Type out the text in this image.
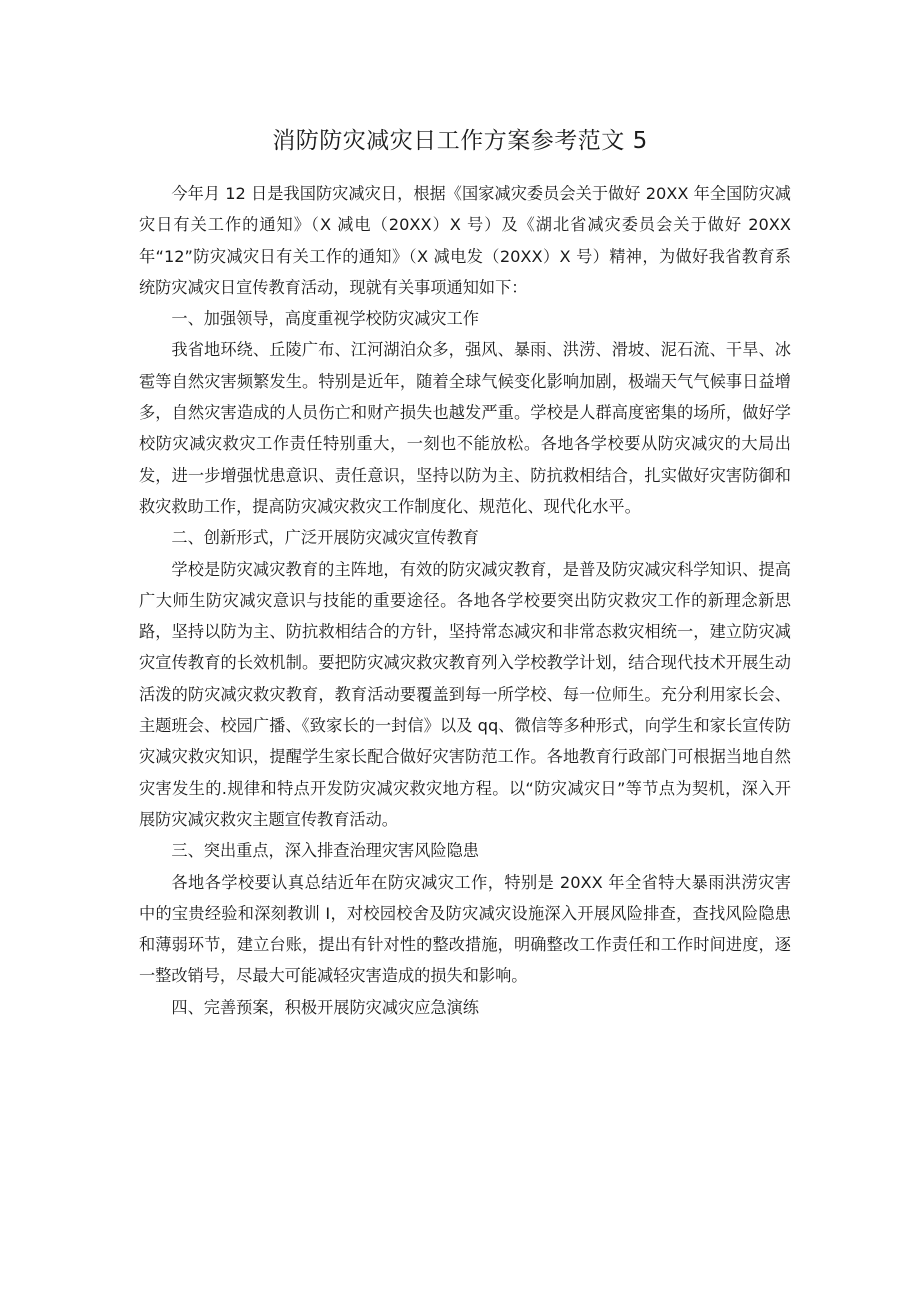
消防防灾减灾日工作方案参考范文 5

今年月 12 日是我国防灾减灾日，根据《国家减灾委员会关于做好 20XX 年全国防灾减灾日有关工作的通知》（X 减电（20XX）X 号）及《湖北省减灾委员会关于做好 20XX 年“12”防灾减灾日有关工作的通知》（X 减电发（20XX）X 号）精神，为做好我省教育系统防灾减灾日宣传教育活动，现就有关事项通知如下：

一、加强领导，高度重视学校防灾减灾工作

我省地环绕、丘陵广布、江河湖泊众多，强风、暴雨、洪涝、滑坡、泥石流、干旱、冰雹等自然灾害频繁发生。特别是近年，随着全球气候变化影响加剧，极端天气气候事日益增多，自然灾害造成的人员伤亡和财产损失也越发严重。学校是人群高度密集的场所，做好学校防灾减灾救灾工作责任特别重大，一刻也不能放松。各地各学校要从防灾减灾的大局出发，进一步增强忧患意识、责任意识，坚持以防为主、防抗救相结合，扎实做好灾害防御和救灾救助工作，提高防灾减灾救灾工作制度化、规范化、现代化水平。

二、创新形式，广泛开展防灾减灾宣传教育

学校是防灾减灾教育的主阵地，有效的防灾减灾教育，是普及防灾减灾科学知识、提高广大师生防灾减灾意识与技能的重要途径。各地各学校要突出防灾救灾工作的新理念新思路，坚持以防为主、防抗救相结合的方针，坚持常态减灾和非常态救灾相统一，建立防灾减灾宣传教育的长效机制。要把防灾减灾救灾教育列入学校教学计划，结合现代技术开展生动活泼的防灾减灾救灾教育，教育活动要覆盖到每一所学校、每一位师生。充分利用家长会、主题班会、校园广播、《致家长的一封信》以及 qq、微信等多种形式，向学生和家长宣传防灾减灾救灾知识，提醒学生家长配合做好灾害防范工作。各地教育行政部门可根据当地自然灾害发生的.规律和特点开发防灾减灾救灾地方程。以“防灾减灾日”等节点为契机，深入开展防灾减灾救灾主题宣传教育活动。

三、突出重点，深入排查治理灾害风险隐患

各地各学校要认真总结近年在防灾减灾工作，特别是 20XX 年全省特大暴雨洪涝灾害中的宝贵经验和深刻教训 I，对校园校舍及防灾减灾设施深入开展风险排查，查找风险隐患和薄弱环节，建立台账，提出有针对性的整改措施，明确整改工作责任和工作时间进度，逐一整改销号，尽最大可能减轻灾害造成的损失和影响。

四、完善预案，积极开展防灾减灾应急演练
